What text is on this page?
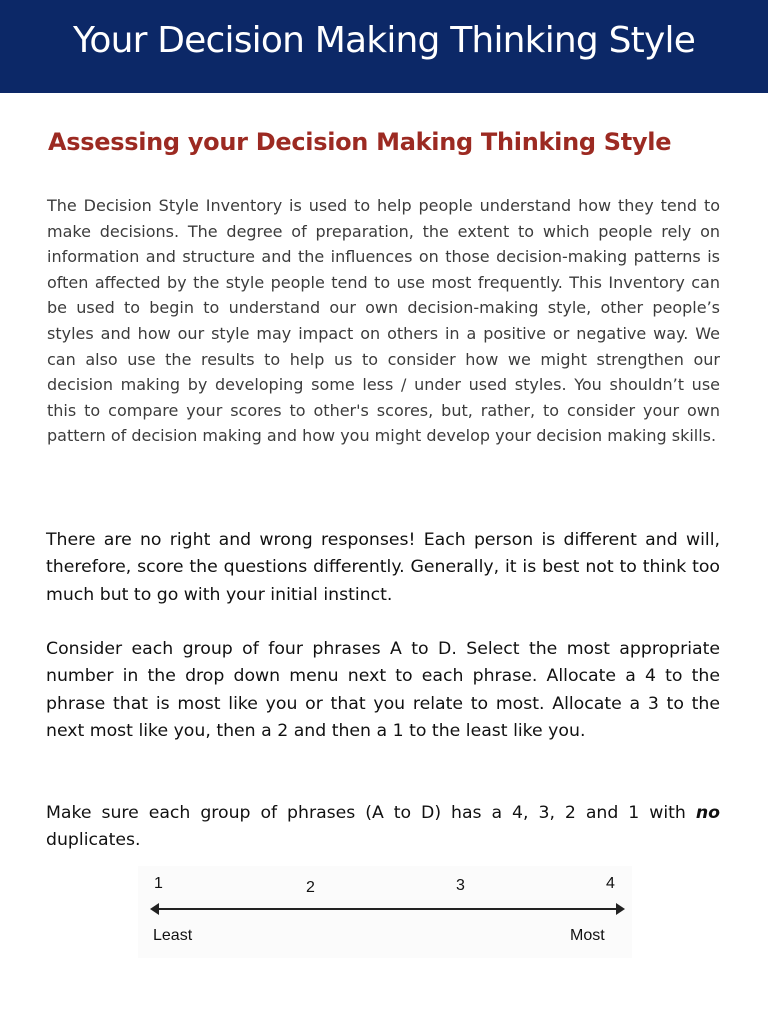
Your Decision Making Thinking Style
Assessing your Decision Making Thinking Style

The Decision Style Inventory is used to help people understand how they tend to make decisions. The degree of preparation, the extent to which people rely on information and structure and the influences on those decision-making patterns is often affected by the style people tend to use most frequently. This Inventory can be used to begin to understand our own decision-making style, other people’s styles and how our style may impact on others in a positive or negative way. We can also use the results to help us to consider how we might strengthen our decision making by developing some less / under used styles. You shouldn’t use this to compare your scores to other's scores, but, rather, to consider your own pattern of decision making and how you might develop your decision making skills.

There are no right and wrong responses! Each person is different and will, therefore, score the questions differently. Generally, it is best not to think too much but to go with your initial instinct.

Consider each group of four phrases A to D. Select the most appropriate number in the drop down menu next to each phrase. Allocate a 4 to the phrase that is most like you or that you relate to most. Allocate a 3 to the next most like you, then a 2 and then a 1 to the least like you.

Make sure each group of phrases (A to D) has a 4, 3, 2 and 1 with no duplicates.

1	2	3	4
Least	Most
